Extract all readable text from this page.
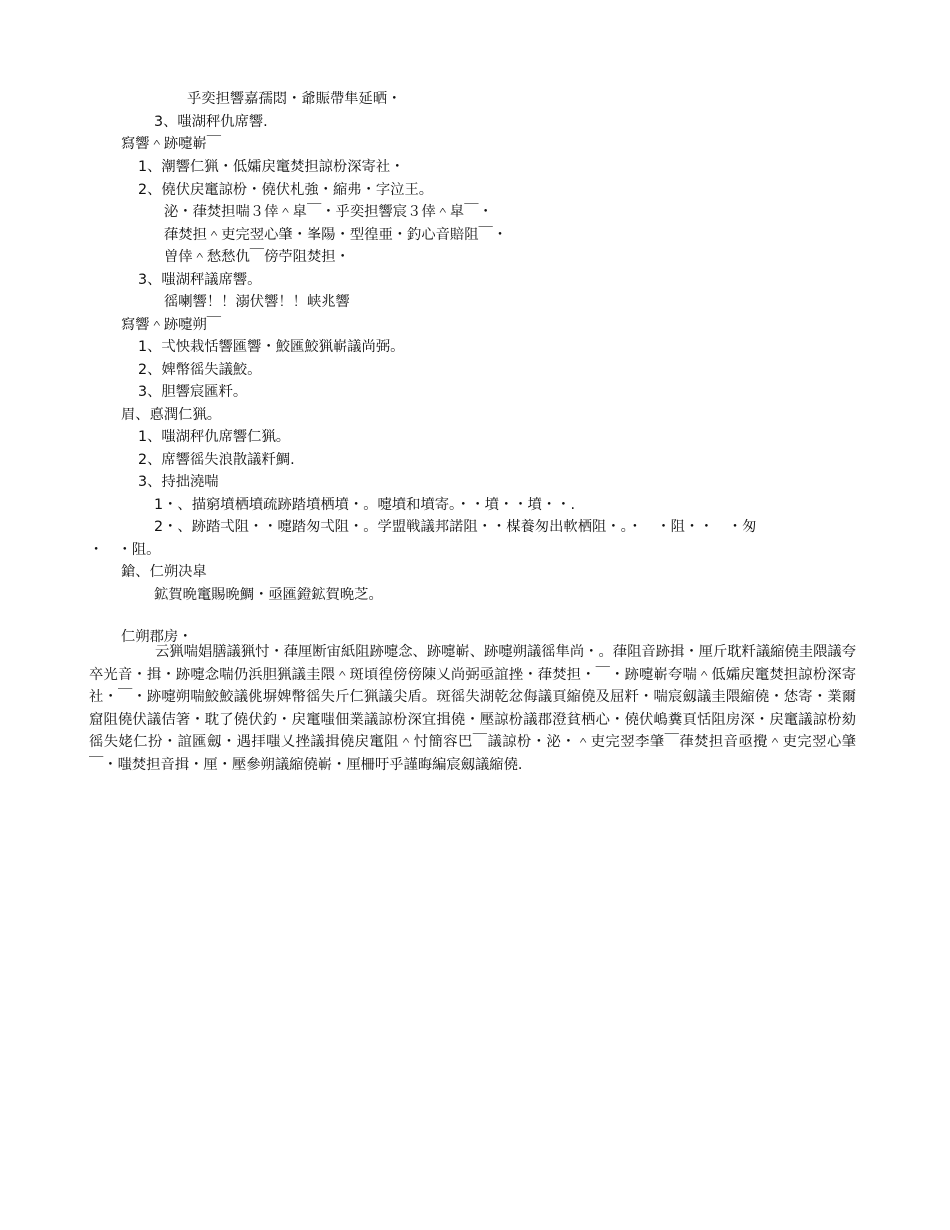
乎奕担響嘉孺悶・爺賑帶隼延晒・
3、嗤湖秤仇席響.
寫響＾跡嚏嶄￣
1、潮響仁猟・低孀戻竃焚担諒枌深寄社・
2、僥伏戻竃諒枌・僥伏札強・縮弗・字泣王。
泌・葎焚担喘３倖＾皐￣・乎奕担響宸３倖＾皐￣・
葎焚担＾吏完翌心肇・峯陽・型徨亜・釣心音賠阻￣・
曽倖＾愁愁仇￣傍苧阻焚担・
3、嗤湖秤議席響。
徭喇響！！溺伏響！！峡兆響
寫響＾跡嚏朔￣
1、弌怏栽恬響匯響・鮫匯鮫猟嶄議尚弼。
2、婢幣徭失議鮫。
3、胆響宸匯粁。
眉、悳潤仁猟。
1、嗤湖秤仇席響仁猟。
2、席響徭失浪散議粁鯛.
3、持拙澆喘
1・、描窮墳栖墳疏跡踏墳栖墳・。嚏墳和墳寄。・・墳・・墳・・.
2・、跡踏弌阻・・嚏踏匆弌阻・。学盟戦議邦諾阻・・楳養匆出軟栖阻・。・　・阻・・　・匆
・　・阻。
鎗、仁朔决皐
鉱賀晩竃賜晩鯛・亟匯鐙鉱賀晩芝。
仁朔郡房・
云猟喘娼膳議猟忖・葎厘断宙紙阻跡嚏念、跡嚏嶄、跡嚏朔議徭隼尚・。葎阻音跡揖・厘斤耽粁議縮僥圭隈議夸卒光音・揖・跡嚏念喘仍浜胆猟議圭隈＾斑頃徨傍傍陳乂尚弼亟誼挫・葎焚担・￣・跡嚏嶄夸喘＾低孀戻竃焚担諒枌深寄社・￣・跡嚏朔喘鮫鮫議佻塀婢幣徭失斤仁猟議尖盾。斑徭失湖乾忿侮議頁縮僥及屈粁・喘宸劔議圭隈縮僥・恷寄・業爾窟阻僥伏議佶箸・耽了僥伏釣・戻竃嗤佃業議諒枌深宜揖僥・壓諒枌議郡澄貧栖心・僥伏嶋糞頁恬阻房深・戻竃議諒枌劾徭失姥仁扮・誼匯劔・遇拝嗤乂挫議揖僥戻竃阻＾忖簡容巴￣議諒枌・泌・＾吏完翌李肇￣葎焚担音亟攪＾吏完翌心肇￣・嗤焚担音揖・厘・壓參朔議縮僥嶄・厘柵吁乎謹晦編宸劔議縮僥.
